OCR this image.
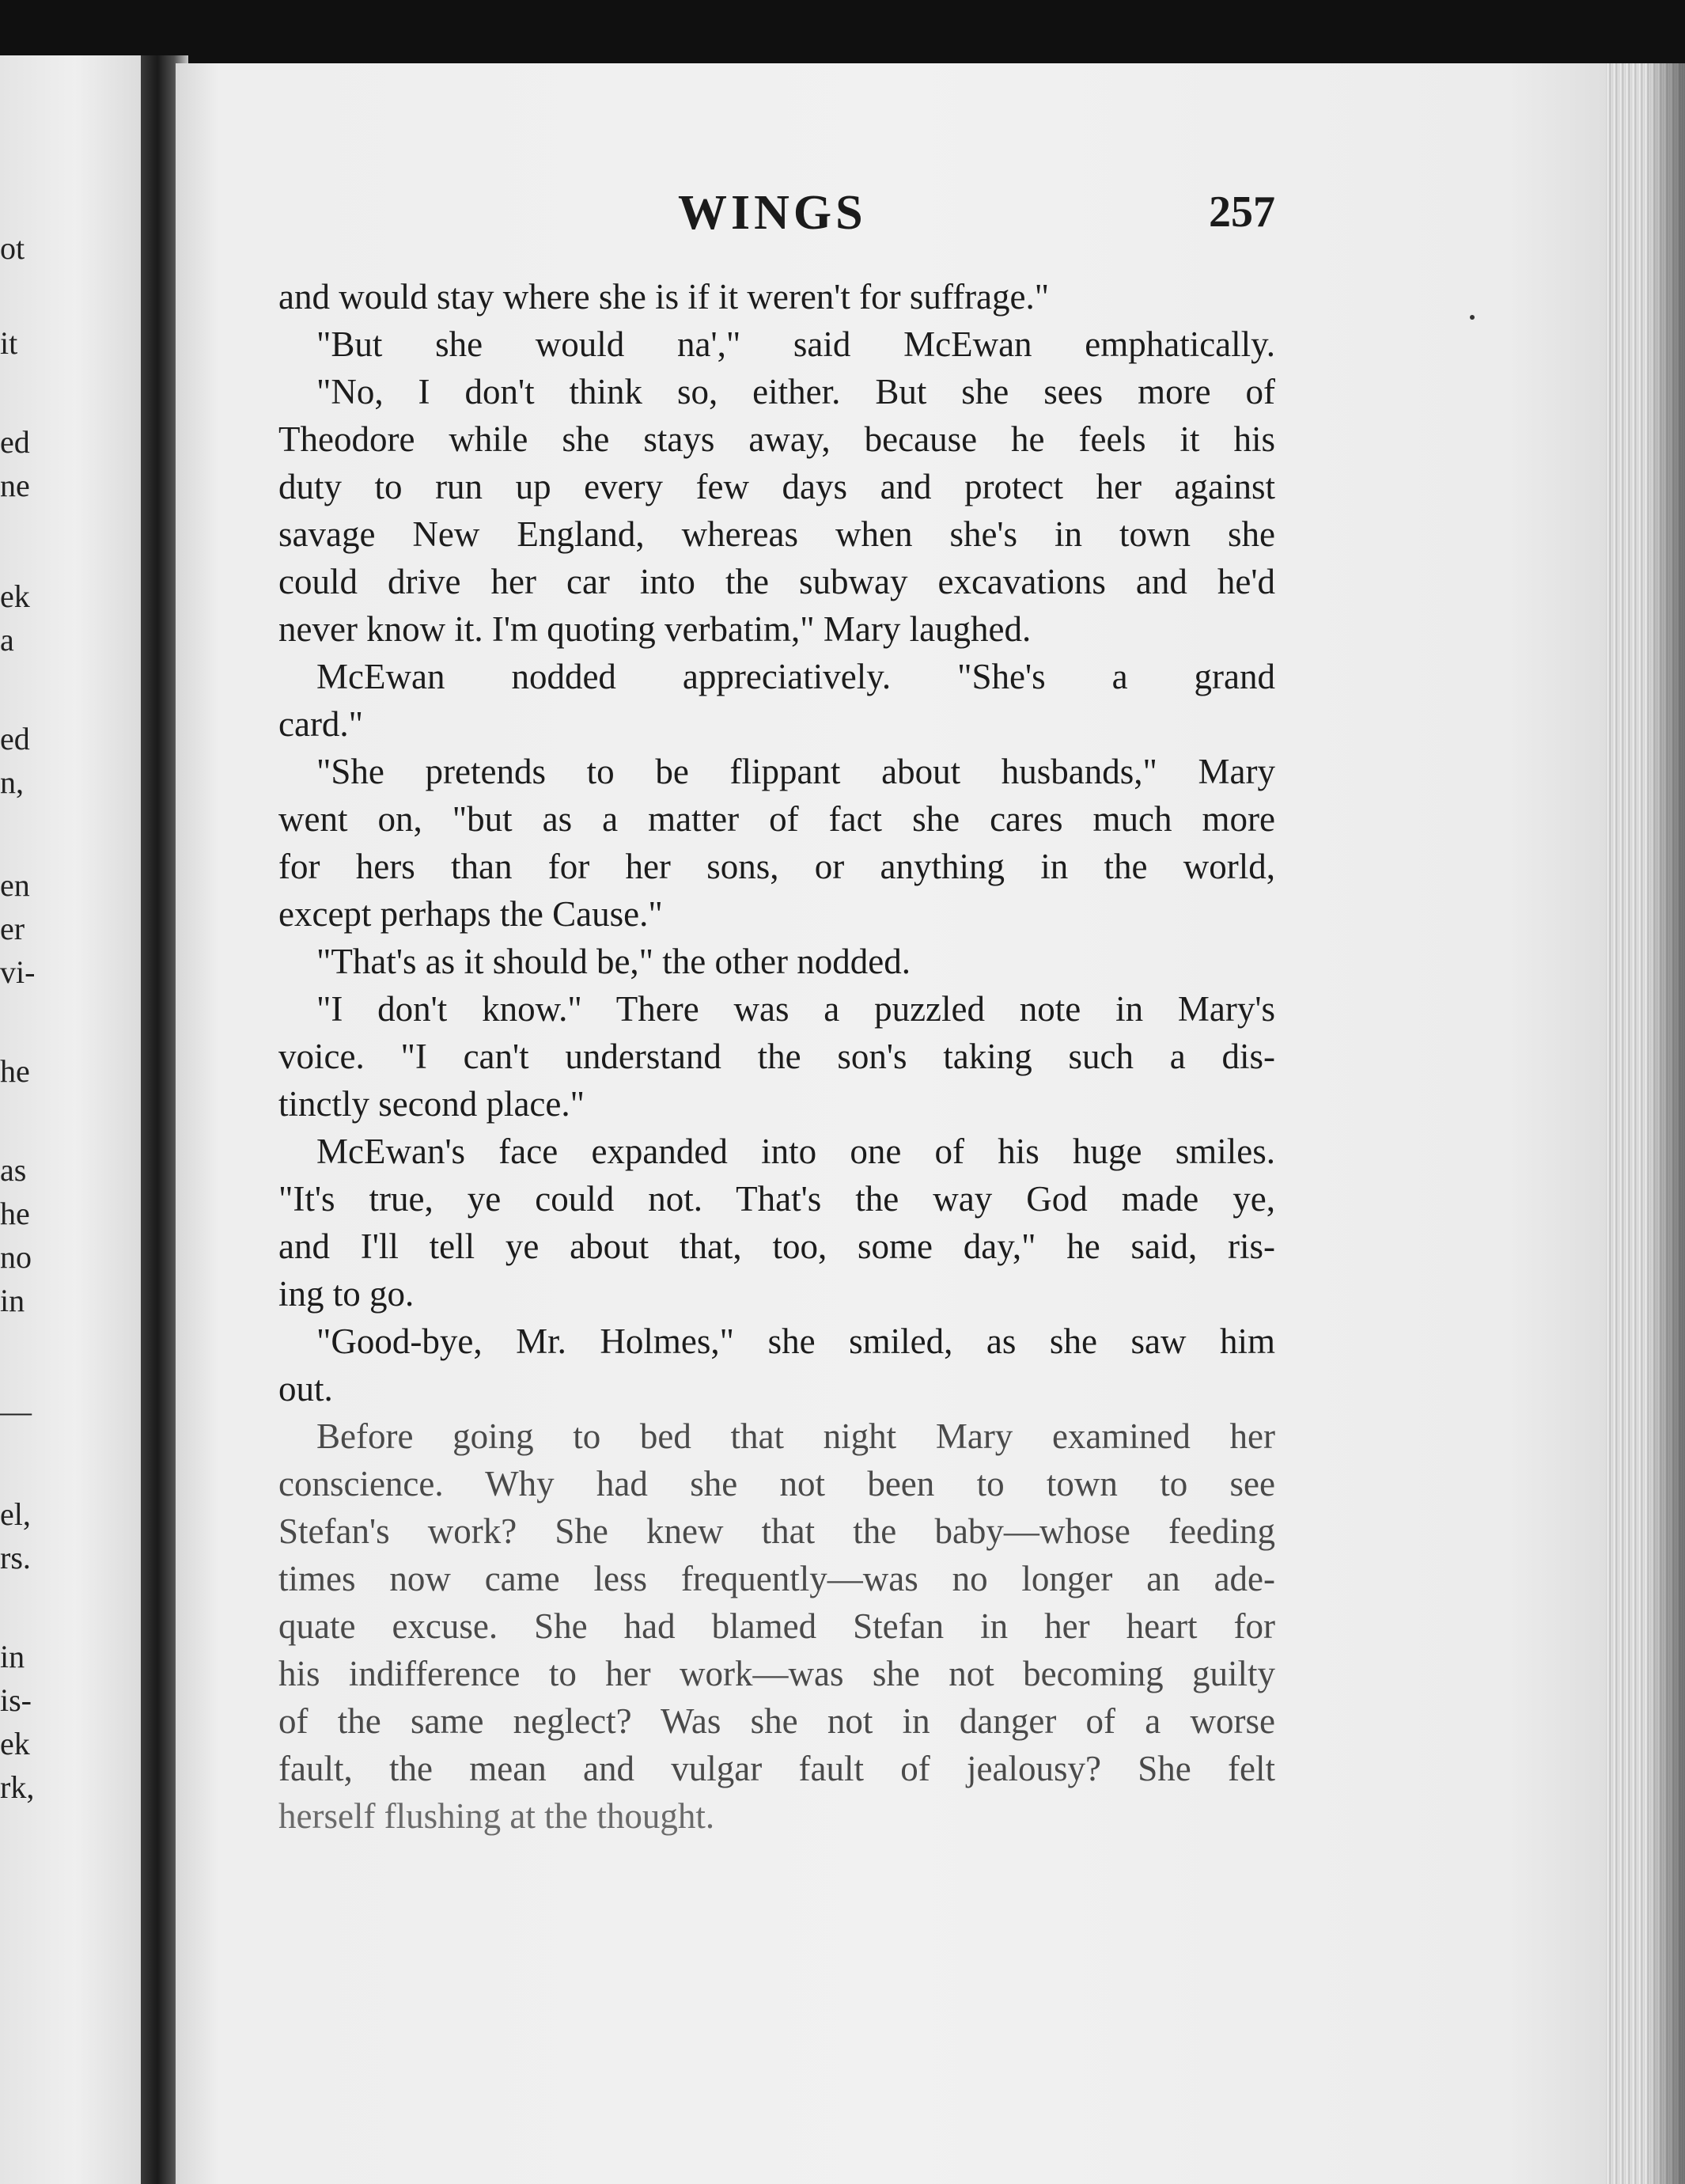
ot
it
ed
ne
ek
a
ed
n,
en
er
vi-
he
as
he
no
in
—
el,
rs.
in
is-
ek
rk,
WINGS	257
and would stay where she is if it weren't for suffrage."
"But she would na'," said McEwan emphatically.
"No, I don't think so, either. But she sees more of
Theodore while she stays away, because he feels it his
duty to run up every few days and protect her against
savage New England, whereas when she's in town she
could drive her car into the subway excavations and he'd
never know it. I'm quoting verbatim," Mary laughed.
McEwan nodded appreciatively. "She's a grand
card."
"She pretends to be flippant about husbands," Mary
went on, "but as a matter of fact she cares much more
for hers than for her sons, or anything in the world,
except perhaps the Cause."
"That's as it should be," the other nodded.
"I don't know." There was a puzzled note in Mary's
voice. "I can't understand the son's taking such a dis-
tinctly second place."
McEwan's face expanded into one of his huge smiles.
"It's true, ye could not. That's the way God made ye,
and I'll tell ye about that, too, some day," he said, ris-
ing to go.
"Good-bye, Mr. Holmes," she smiled, as she saw him
out.
Before going to bed that night Mary examined her
conscience. Why had she not been to town to see
Stefan's work? She knew that the baby—whose feeding
times now came less frequently—was no longer an ade-
quate excuse. She had blamed Stefan in her heart for
his indifference to her work—was she not becoming guilty
of the same neglect? Was she not in danger of a worse
fault, the mean and vulgar fault of jealousy? She felt
herself flushing at the thought.
